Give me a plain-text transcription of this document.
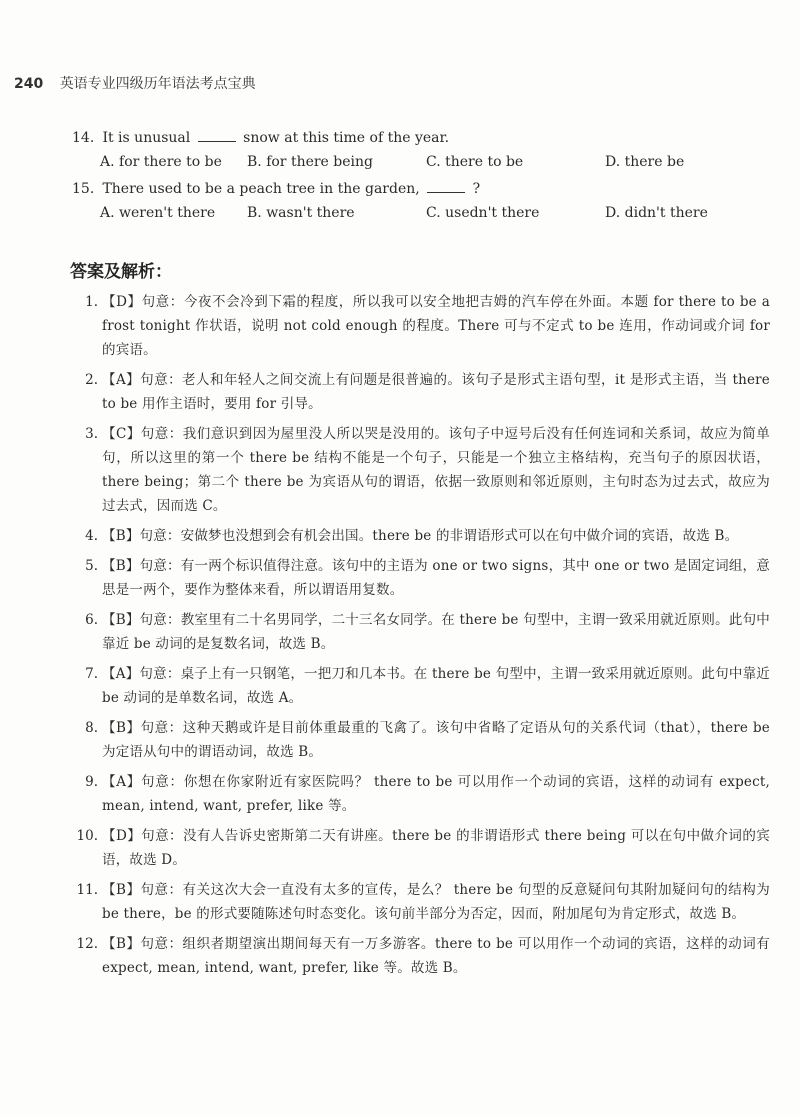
240 英语专业四级历年语法考点宝典
14. It is unusual	snow at this time of the year.
A. for there to be B. for there being	C. there to be	D. there be
15. There used to be a peach tree in the garden,	?
A. weren't there B. wasn't there	C. usedn't there	D. didn't there
答案及解析：
1. 【D】句意：今夜不会冷到下霜的程度，所以我可以安全地把吉姆的汽车停在外面。本题 for there to be a frost tonight 作状语，说明 not cold enough 的程度。There 可与不定式 to be 连用，作动词或介词 for 的宾语。
2. 【A】句意：老人和年轻人之间交流上有问题是很普遍的。该句子是形式主语句型，it 是形式主语，当 there to be 用作主语时，要用 for 引导。
3. 【C】句意：我们意识到因为屋里没人所以哭是没用的。该句子中逗号后没有任何连词和关系词，故应为简单句，所以这里的第一个 there be 结构不能是一个句子，只能是一个独立主格结构，充当句子的原因状语，there being；第二个 there be 为宾语从句的谓语，依据一致原则和邻近原则，主句时态为过去式，故应为过去式，因而选 C。
4. 【B】句意：安做梦也没想到会有机会出国。there be 的非谓语形式可以在句中做介词的宾语，故选 B。
5. 【B】句意：有一两个标识值得注意。该句中的主语为 one or two signs，其中 one or two 是固定词组，意思是一两个，要作为整体来看，所以谓语用复数。
6. 【B】句意：教室里有二十名男同学，二十三名女同学。在 there be 句型中，主谓一致采用就近原则。此句中靠近 be 动词的是复数名词，故选 B。
7. 【A】句意：桌子上有一只钢笔，一把刀和几本书。在 there be 句型中，主谓一致采用就近原则。此句中靠近 be 动词的是单数名词，故选 A。
8. 【B】句意：这种天鹅或许是目前体重最重的飞禽了。该句中省略了定语从句的关系代词（that），there be 为定语从句中的谓语动词，故选 B。
9. 【A】句意：你想在你家附近有家医院吗？ there to be 可以用作一个动词的宾语，这样的动词有 expect, mean, intend, want, prefer, like 等。
10. 【D】句意：没有人告诉史密斯第二天有讲座。there be 的非谓语形式 there being 可以在句中做介词的宾语，故选 D。
11. 【B】句意：有关这次大会一直没有太多的宣传，是么？ there be 句型的反意疑问句其附加疑问句的结构为 be there，be 的形式要随陈述句时态变化。该句前半部分为否定，因而，附加尾句为肯定形式，故选 B。
12. 【B】句意：组织者期望演出期间每天有一万多游客。there to be 可以用作一个动词的宾语，这样的动词有 expect, mean, intend, want, prefer, like 等。故选 B。
